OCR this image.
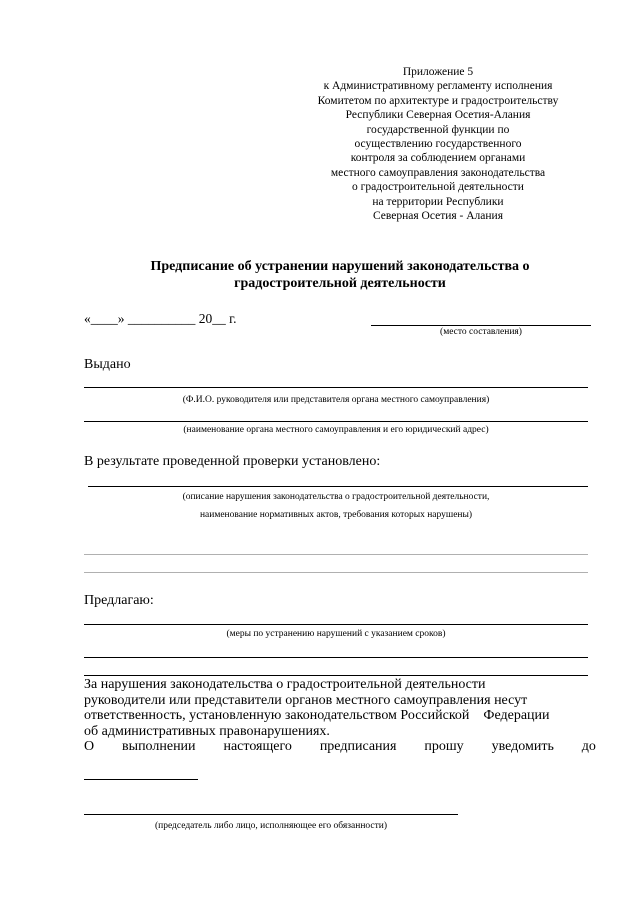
Приложение 5
к Административному регламенту исполнения
Комитетом по архитектуре и градостроительству
Республики Северная Осетия-Алания
государственной функции по
осуществлению государственного
контроля за соблюдением органами
местного самоуправления законодательства
о градостроительной деятельности
на территории Республики
Северная Осетия - Алания
Предписание об устранении нарушений законодательства о
градостроительной деятельности
«____» __________ 20__ г.
(место составления)
Выдано
(Ф.И.О. руководителя или представителя органа местного самоуправления)
(наименование органа местного самоуправления и его юридический адрес)
В результате проведенной проверки установлено:
(описание нарушения законодательства о градостроительной деятельности,
наименование нормативных актов, требования которых нарушены)
Предлагаю:
(меры по устранению нарушений с указанием сроков)
За нарушения законодательства о градостроительной деятельности
руководители или представители органов местного самоуправления несут
ответственность, установленную законодательством Российской    Федерации
об административных правонарушениях.
О выполнении настоящего предписания прошу уведомить до
(председатель либо лицо, исполняющее его обязанности)
